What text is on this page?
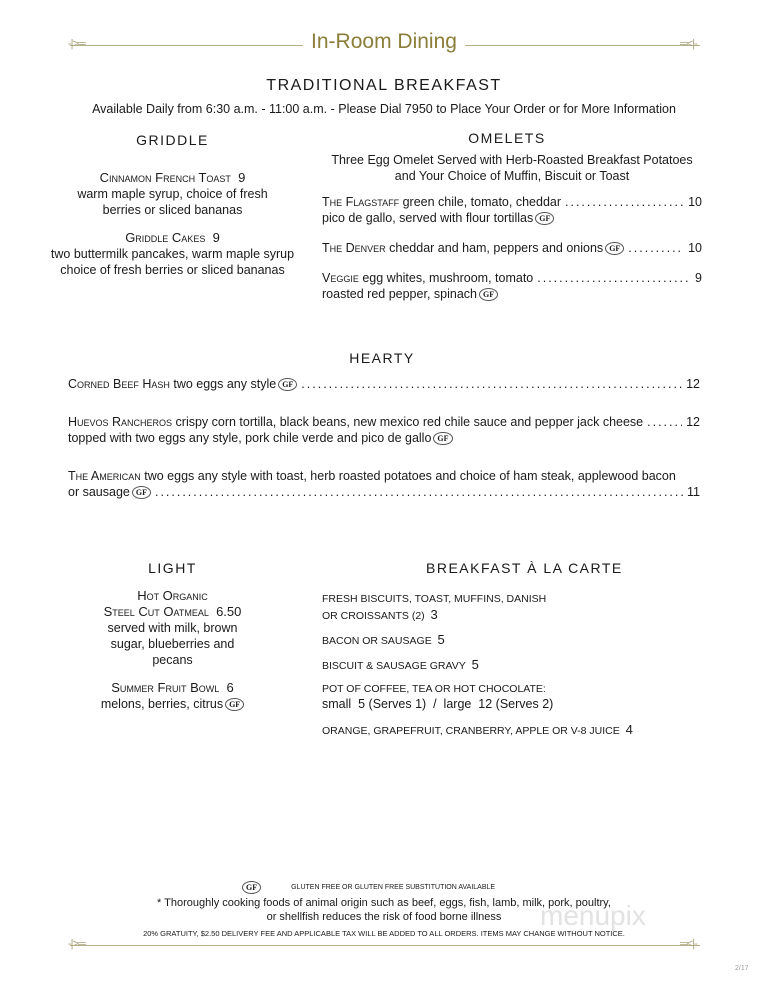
-|>═	═<|-
In-Room Dining
TRADITIONAL BREAKFAST
Available Daily from 6:30 a.m. - 11:00 a.m. - Please Dial 7950 to Place Your Order or for More Information
GRIDDLE
Cinnamon French Toast 9
warm maple syrup, choice of fresh berries or sliced bananas
Griddle Cakes 9
two buttermilk pancakes, warm maple syrup choice of fresh berries or sliced bananas
OMELETS
Three Egg Omelet Served with Herb-Roasted Breakfast Potatoes
and Your Choice of Muffin, Biscuit or Toast
The Flagstaff green chile, tomato, cheddar .....	10
pico de gallo, served with flour tortillas GF
The Denver cheddar and ham, peppers and onions GF .....	10
Veggie egg whites, mushroom, tomato .....	9
roasted red pepper, spinach GF
HEARTY
Corned Beef Hash two eggs any style GF .....	12
Huevos Rancheros crispy corn tortilla, black beans, new mexico red chile sauce and pepper jack cheese .....	12
topped with two eggs any style, pork chile verde and pico de gallo GF
The American two eggs any style with toast, herb roasted potatoes and choice of ham steak, applewood bacon
or sausage GF .....	11
LIGHT
Hot Organic
Steel Cut Oatmeal 6.50
served with milk, brown sugar, blueberries and pecans
Summer Fruit Bowl 6
melons, berries, citrus GF
BREAKFAST À LA CARTE
FRESH BISCUITS, TOAST, MUFFINS, DANISH
OR CROISSANTS (2) 3
BACON OR SAUSAGE 5
BISCUIT & SAUSAGE GRAVY 5
POT OF COFFEE, TEA OR HOT CHOCOLATE:
small  5 (Serves 1)  /  large  12 (Serves 2)
ORANGE, GRAPEFRUIT, CRANBERRY, APPLE OR V-8 JUICE 4
GF	GLUTEN FREE OR GLUTEN FREE SUBSTITUTION AVAILABLE
* Thoroughly cooking foods of animal origin such as beef, eggs, fish, lamb, milk, pork, poultry,
or shellfish reduces the risk of food borne illness	menupix
20% GRATUITY, $2.50 DELIVERY FEE AND APPLICABLE TAX WILL BE ADDED TO ALL ORDERS. ITEMS MAY CHANGE WITHOUT NOTICE.
-|>═	═<|-
2/17
